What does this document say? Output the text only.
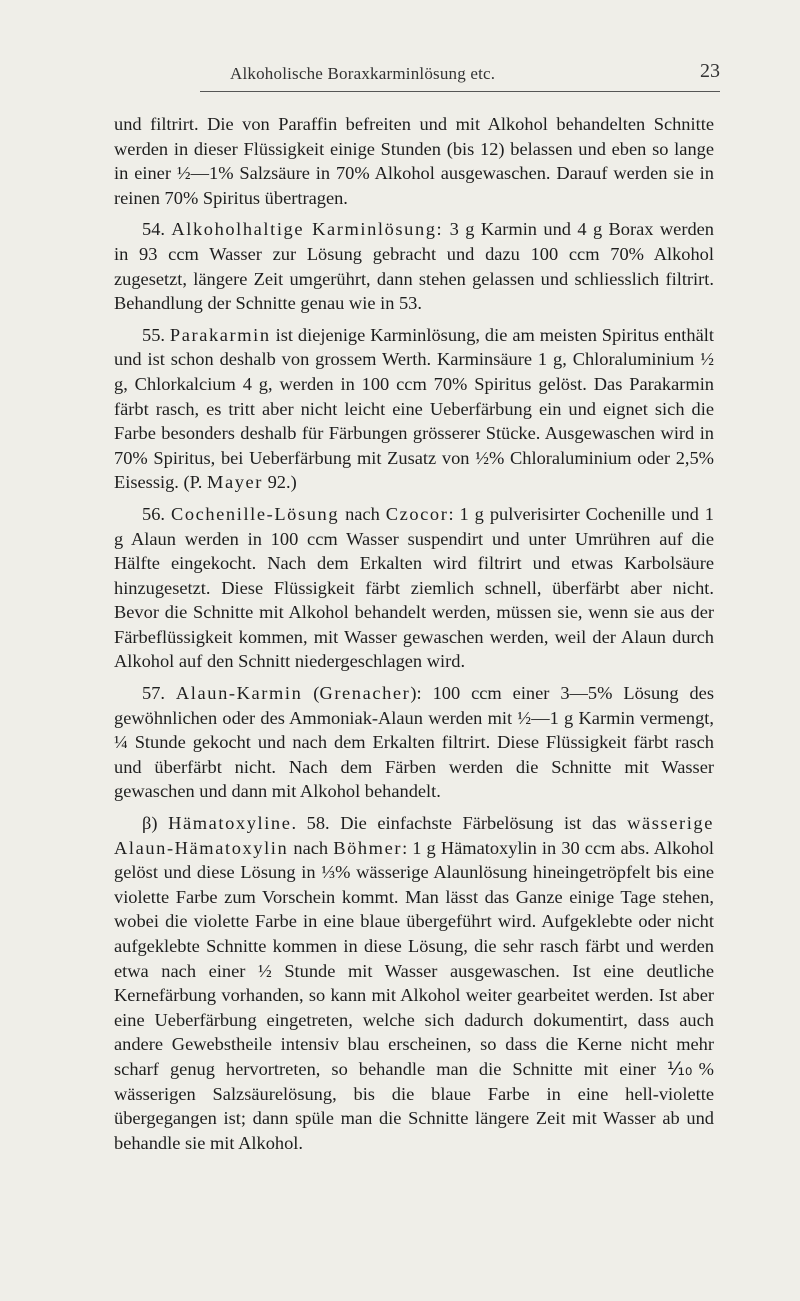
Alkoholische Boraxkarminlösung etc.	23

und filtrirt. Die von Paraffin befreiten und mit Alkohol behandelten Schnitte werden in dieser Flüssigkeit einige Stunden (bis 12) belassen und eben so lange in einer ½—1% Salzsäure in 70% Alkohol ausgewaschen. Darauf werden sie in reinen 70% Spiritus übertragen.

54. Alkoholhaltige Karminlösung: 3 g Karmin und 4 g Borax werden in 93 ccm Wasser zur Lösung gebracht und dazu 100 ccm 70% Alkohol zugesetzt, längere Zeit umgerührt, dann stehen gelassen und schliesslich filtrirt. Behandlung der Schnitte genau wie in 53.

55. Parakarmin ist diejenige Karminlösung, die am meisten Spiritus enthält und ist schon deshalb von grossem Werth. Karminsäure 1 g, Chloraluminium ½ g, Chlorkalcium 4 g, werden in 100 ccm 70% Spiritus gelöst. Das Parakarmin färbt rasch, es tritt aber nicht leicht eine Ueberfärbung ein und eignet sich die Farbe besonders deshalb für Färbungen grösserer Stücke. Ausgewaschen wird in 70% Spiritus, bei Ueberfärbung mit Zusatz von ½% Chloraluminium oder 2,5% Eisessig. (P. Mayer 92.)

56. Cochenille-Lösung nach Czocor: 1 g pulverisirter Cochenille und 1 g Alaun werden in 100 ccm Wasser suspendirt und unter Umrühren auf die Hälfte eingekocht. Nach dem Erkalten wird filtrirt und etwas Karbolsäure hinzugesetzt. Diese Flüssigkeit färbt ziemlich schnell, überfärbt aber nicht. Bevor die Schnitte mit Alkohol behandelt werden, müssen sie, wenn sie aus der Färbeflüssigkeit kommen, mit Wasser gewaschen werden, weil der Alaun durch Alkohol auf den Schnitt niedergeschlagen wird.

57. Alaun-Karmin (Grenacher): 100 ccm einer 3—5% Lösung des gewöhnlichen oder des Ammoniak-Alaun werden mit ½—1 g Karmin vermengt, ¼ Stunde gekocht und nach dem Erkalten filtrirt. Diese Flüssigkeit färbt rasch und überfärbt nicht. Nach dem Färben werden die Schnitte mit Wasser gewaschen und dann mit Alkohol behandelt.

β) Hämatoxyline. 58. Die einfachste Färbelösung ist das wässerige Alaun-Hämatoxylin nach Böhmer: 1 g Hämatoxylin in 30 ccm abs. Alkohol gelöst und diese Lösung in ⅓% wässerige Alaunlösung hineingetröpfelt bis eine violette Farbe zum Vorschein kommt. Man lässt das Ganze einige Tage stehen, wobei die violette Farbe in eine blaue übergeführt wird. Aufgeklebte oder nicht aufgeklebte Schnitte kommen in diese Lösung, die sehr rasch färbt und werden etwa nach einer ½ Stunde mit Wasser ausgewaschen. Ist eine deutliche Kernefärbung vorhanden, so kann mit Alkohol weiter gearbeitet werden. Ist aber eine Ueberfärbung eingetreten, welche sich dadurch dokumentirt, dass auch andere Gewebstheile intensiv blau erscheinen, so dass die Kerne nicht mehr scharf genug hervortreten, so behandle man die Schnitte mit einer ⅒% wässerigen Salzsäurelösung, bis die blaue Farbe in eine hell-violette übergegangen ist; dann spüle man die Schnitte längere Zeit mit Wasser ab und behandle sie mit Alkohol.
